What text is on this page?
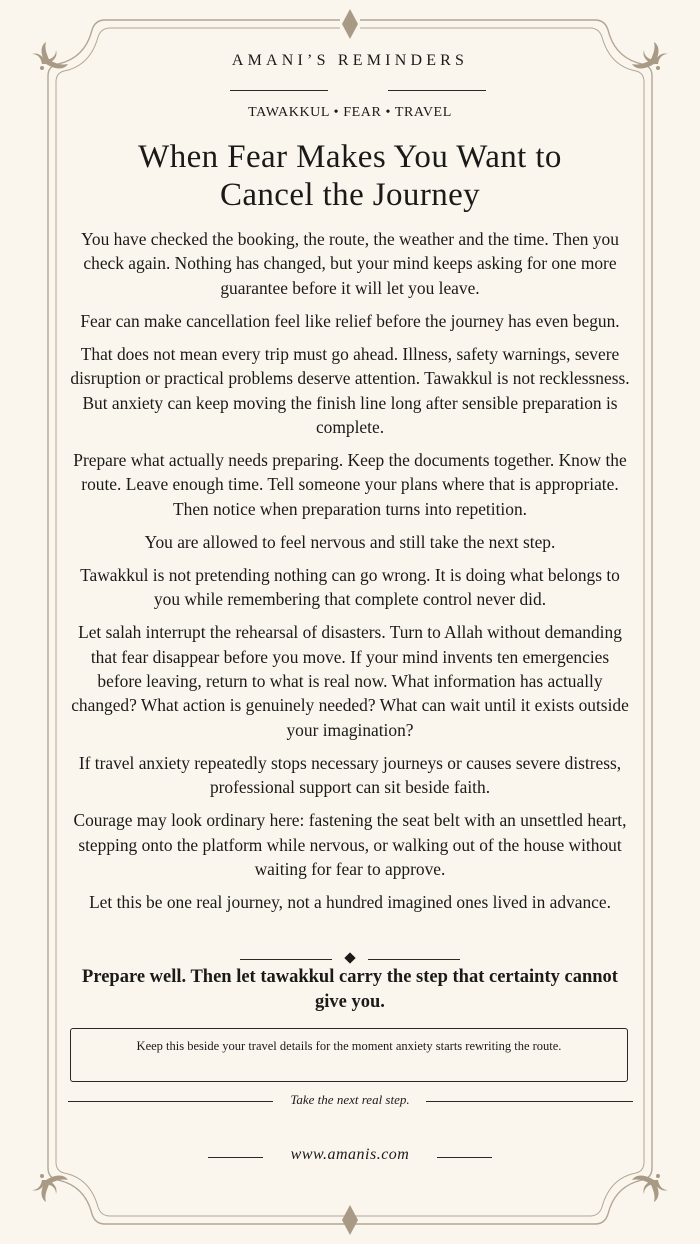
AMANI’S REMINDERS
TAWAKKUL • FEAR • TRAVEL
When Fear Makes You Want to
Cancel the Journey

You have checked the booking, the route, the weather and the time. Then you check again. Nothing has changed, but your mind keeps asking for one more guarantee before it will let you leave.

Fear can make cancellation feel like relief before the journey has even begun.

That does not mean every trip must go ahead. Illness, safety warnings, severe disruption or practical problems deserve attention. Tawakkul is not recklessness. But anxiety can keep moving the finish line long after sensible preparation is complete.

Prepare what actually needs preparing. Keep the documents together. Know the route. Leave enough time. Tell someone your plans where that is appropriate. Then notice when preparation turns into repetition.

You are allowed to feel nervous and still take the next step.

Tawakkul is not pretending nothing can go wrong. It is doing what belongs to you while remembering that complete control never did.

Let salah interrupt the rehearsal of disasters. Turn to Allah without demanding that fear disappear before you move. If your mind invents ten emergencies before leaving, return to what is real now. What information has actually changed? What action is genuinely needed? What can wait until it exists outside your imagination?

If travel anxiety repeatedly stops necessary journeys or causes severe distress, professional support can sit beside faith.

Courage may look ordinary here: fastening the seat belt with an unsettled heart, stepping onto the platform while nervous, or walking out of the house without waiting for fear to approve.

Let this be one real journey, not a hundred imagined ones lived in advance.

Prepare well. Then let tawakkul carry the step that certainty cannot give you.
Keep this beside your travel details for the moment anxiety starts rewriting the route.
Take the next real step.
www.amanis.com
